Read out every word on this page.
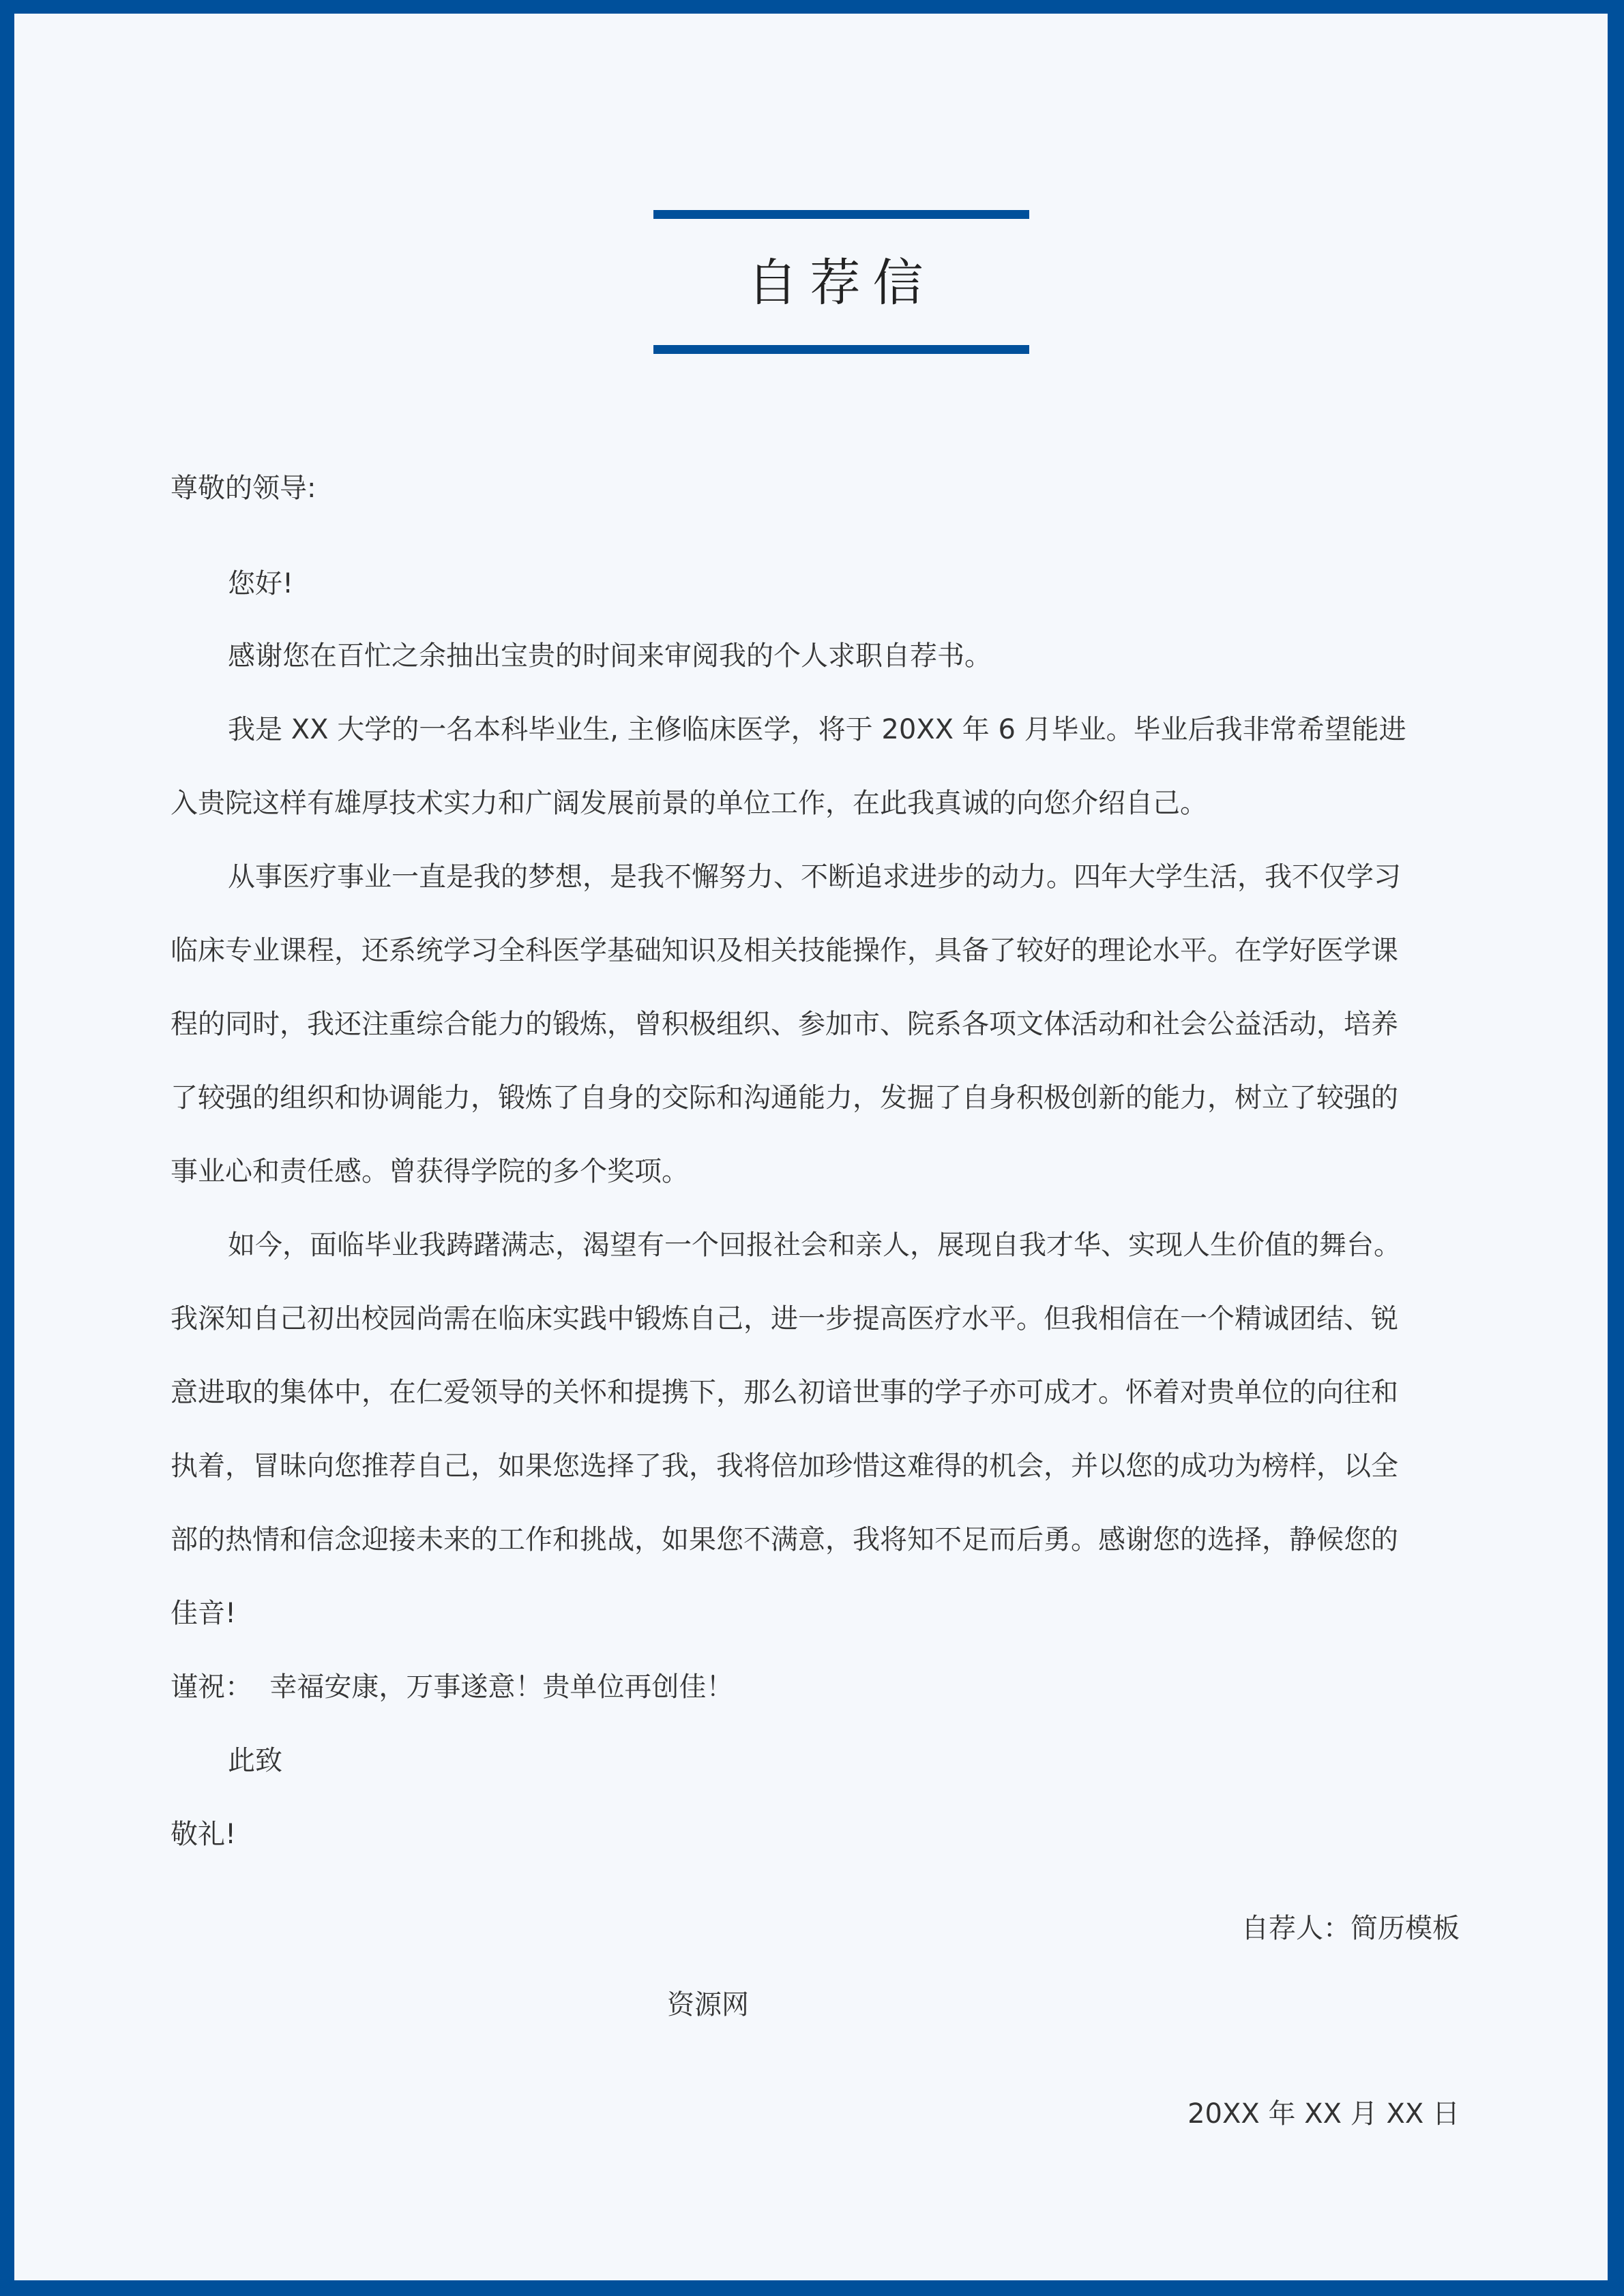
自荐信
尊敬的领导:
您好!
感谢您在百忙之余抽出宝贵的时间来审阅我的个人求职自荐书。
我是 XX 大学的一名本科毕业生, 主修临床医学，将于 20XX 年 6 月毕业。毕业后我非常希望能进
入贵院这样有雄厚技术实力和广阔发展前景的单位工作，在此我真诚的向您介绍自己。
从事医疗事业一直是我的梦想，是我不懈努力、不断追求进步的动力。四年大学生活，我不仅学习
临床专业课程，还系统学习全科医学基础知识及相关技能操作，具备了较好的理论水平。在学好医学课
程的同时，我还注重综合能力的锻炼，曾积极组织、参加市、院系各项文体活动和社会公益活动，培养
了较强的组织和协调能力，锻炼了自身的交际和沟通能力，发掘了自身积极创新的能力，树立了较强的
事业心和责任感。曾获得学院的多个奖项。
如今，面临毕业我踌躇满志，渴望有一个回报社会和亲人，展现自我才华、实现人生价值的舞台。
我深知自己初出校园尚需在临床实践中锻炼自己，进一步提高医疗水平。但我相信在一个精诚团结、锐
意进取的集体中，在仁爱领导的关怀和提携下，那么初谙世事的学子亦可成才。怀着对贵单位的向往和
执着，冒昧向您推荐自己，如果您选择了我，我将倍加珍惜这难得的机会，并以您的成功为榜样，以全
部的热情和信念迎接未来的工作和挑战，如果您不满意，我将知不足而后勇。感谢您的选择，静候您的
佳音!
谨祝：  幸福安康，万事遂意！贵单位再创佳！
此致
敬礼!
自荐人：简历模板
资源网
20XX 年 XX 月 XX 日
